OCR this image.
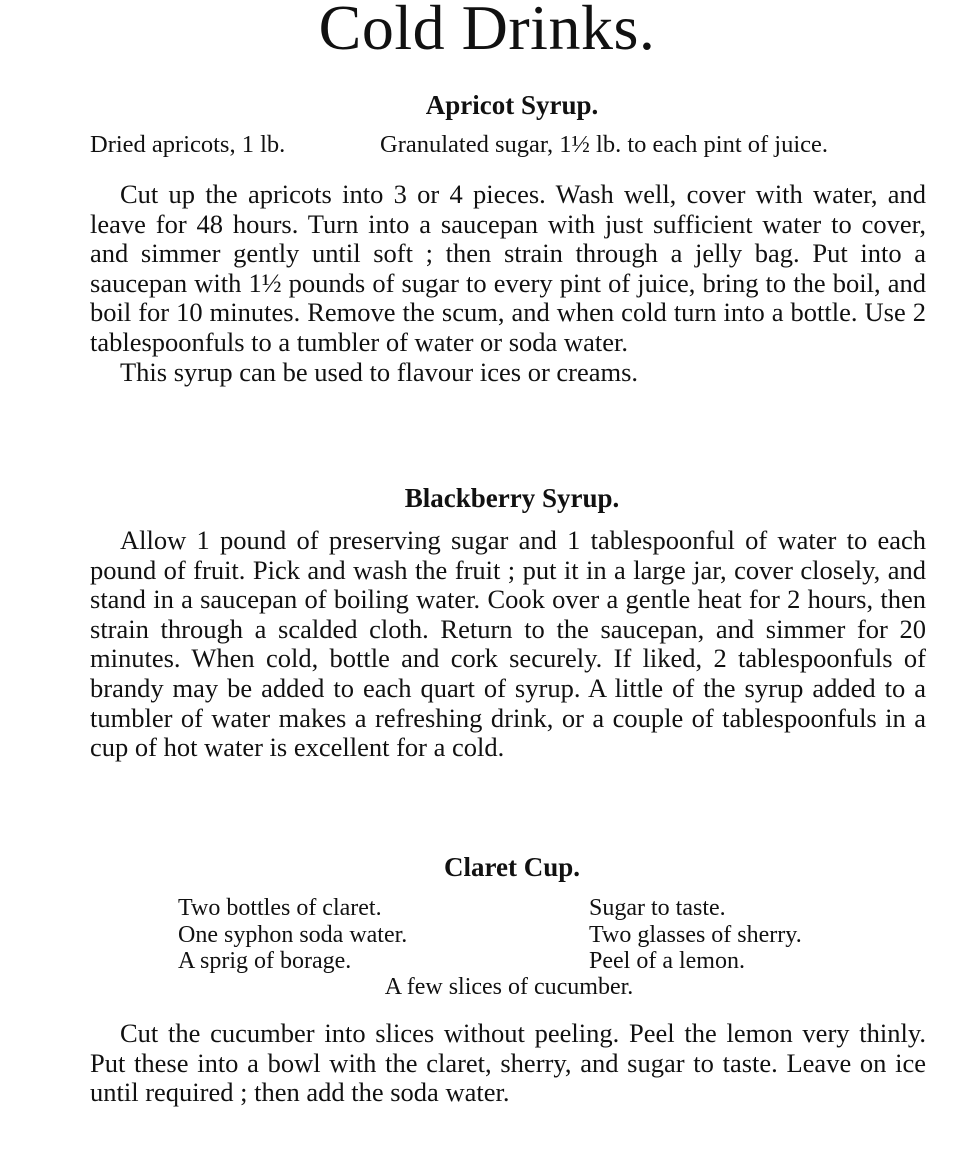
Cold Drinks.
Apricot Syrup.
Dried apricots, 1 lb.	Granulated sugar, 1½ lb. to each pint of juice.

Cut up the apricots into 3 or 4 pieces. Wash well, cover with water, and leave for 48 hours. Turn into a saucepan with just sufficient water to cover, and simmer gently until soft ; then strain through a jelly bag. Put into a saucepan with 1½ pounds of sugar to every pint of juice, bring to the boil, and boil for 10 minutes. Remove the scum, and when cold turn into a bottle. Use 2 tablespoonfuls to a tumbler of water or soda water.

This syrup can be used to flavour ices or creams.

Blackberry Syrup.

Allow 1 pound of preserving sugar and 1 tablespoonful of water to each pound of fruit. Pick and wash the fruit ; put it in a large jar, cover closely, and stand in a saucepan of boiling water. Cook over a gentle heat for 2 hours, then strain through a scalded cloth. Return to the saucepan, and simmer for 20 minutes. When cold, bottle and cork securely. If liked, 2 tablespoonfuls of brandy may be added to each quart of syrup. A little of the syrup added to a tumbler of water makes a refreshing drink, or a couple of tablespoonfuls in a cup of hot water is excellent for a cold.

Claret Cup.
Two bottles of claret.	Sugar to taste.
One syphon soda water.	Two glasses of sherry.
A sprig of borage.	Peel of a lemon.
A few slices of cucumber.

Cut the cucumber into slices without peeling. Peel the lemon very thinly. Put these into a bowl with the claret, sherry, and sugar to taste. Leave on ice until required ; then add the soda water.
